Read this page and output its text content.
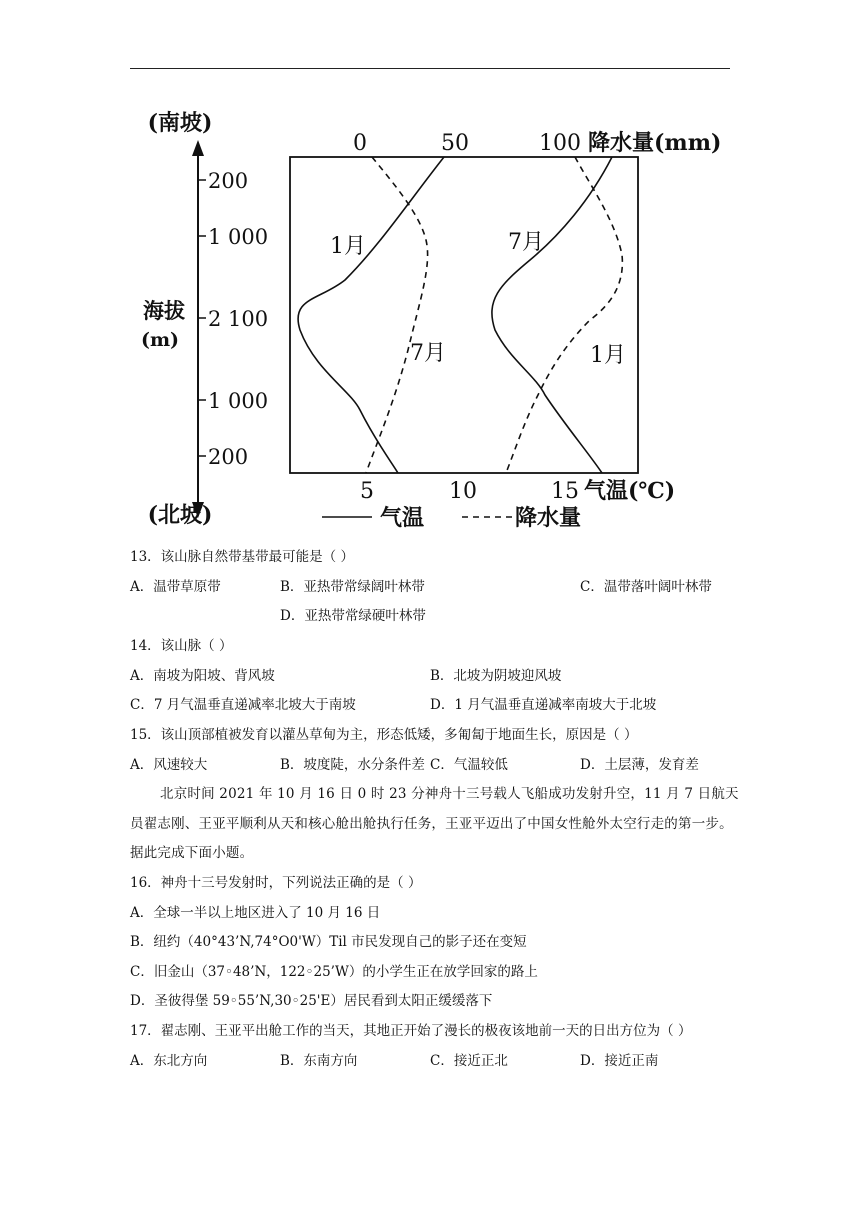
(南坡)
(北坡)
海拔
(m)
200
1 000
2 100
1 000
200
0	50	100 降水量(mm)
5	10	15 气温(℃)
1月
7月
7月
1月
气温	降水量
13．该山脉自然带基带最可能是（ ）
A．温带草原带	B．亚热带常绿阔叶林带	C．温带落叶阔叶林带
D．亚热带常绿硬叶林带
14．该山脉（ ）
A．南坡为阳坡、背风坡	B．北坡为阴坡迎风坡
C．7 月气温垂直递减率北坡大于南坡	D．1 月气温垂直递减率南坡大于北坡
15．该山顶部植被发育以灌丛草甸为主，形态低矮，多匍匐于地面生长，原因是（ ）
A．风速较大	B．坡度陡，水分条件差 C．气温较低	D．土层薄，发育差
北京时间 2021 年 10 月 16 日 0 时 23 分神舟十三号载人飞船成功发射升空，11 月 7 日航天员翟志刚、王亚平顺利从天和核心舱出舱执行任务，王亚平迈出了中国女性舱外太空行走的第一步。据此完成下面小题。
16．神舟十三号发射时，下列说法正确的是（ ）
A．全球一半以上地区进入了 10 月 16 日
B．纽约（40°43’N,74°O0'W）Til 市民发现自己的影子还在变短
C．旧金山（37◦48’N，122◦25’W）的小学生正在放学回家的路上
D．圣彼得堡 59◦55’N,30◦25'E）居民看到太阳正缓缓落下
17．翟志刚、王亚平出舱工作的当天，其地正开始了漫长的极夜该地前一天的日出方位为（ ）
A．东北方向	B．东南方向	C．接近正北	D．接近正南
